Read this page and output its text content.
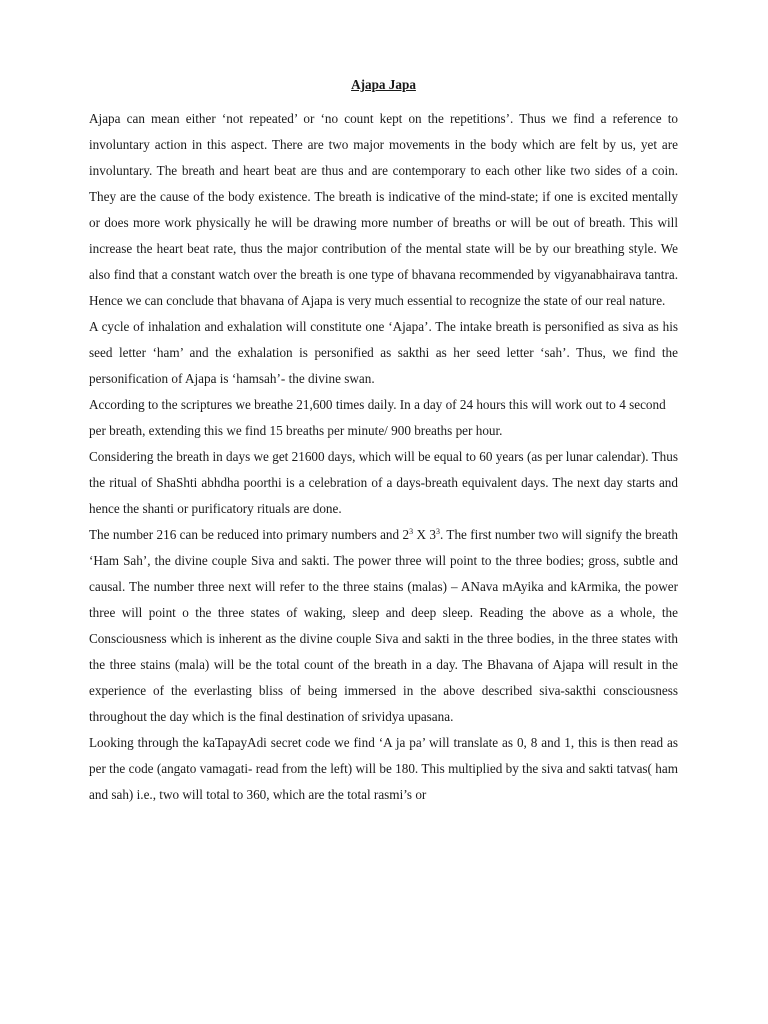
Ajapa Japa

Ajapa can mean either ‘not repeated’ or ‘no count kept on the repetitions’. Thus we find a reference to involuntary action in this aspect. There are two major movements in the body which are felt by us, yet are involuntary. The breath and heart beat are thus and are contemporary to each other like two sides of a coin. They are the cause of the body existence. The breath is indicative of the mind-state; if one is excited mentally or does more work physically he will be drawing more number of breaths or will be out of breath. This will increase the heart beat rate, thus the major contribution of the mental state will be by our breathing style. We also find that a constant watch over the breath is one type of bhavana recommended by vigyanabhairava tantra. Hence we can conclude that bhavana of Ajapa is very much essential to recognize the state of our real nature.

A cycle of inhalation and exhalation will constitute one ‘Ajapa’. The intake breath is personified as siva as his seed letter ‘ham’ and the exhalation is personified as sakthi as her seed letter ‘sah’. Thus, we find the personification of Ajapa is ‘hamsah’- the divine swan.

According to the scriptures we breathe 21,600 times daily. In a day of 24 hours this will work out to 4 second per breath, extending this we find 15 breaths per minute/ 900 breaths per hour.

Considering the breath in days we get 21600 days, which will be equal to 60 years (as per lunar calendar). Thus the ritual of ShaShti abhdha poorthi is a celebration of a days-breath equivalent days. The next day starts and hence the shanti or purificatory rituals are done.

The number 216 can be reduced into primary numbers and $2^3$ X $3^3$. The first number two will signify the breath ‘Ham Sah’, the divine couple Siva and sakti. The power three will point to the three bodies; gross, subtle and causal. The number three next will refer to the three stains (malas) – ANava mAyika and kArmika, the power three will point o the three states of waking, sleep and deep sleep. Reading the above as a whole, the Consciousness which is inherent as the divine couple Siva and sakti in the three bodies, in the three states with the three stains (mala) will be the total count of the breath in a day. The Bhavana of Ajapa will result in the experience of the everlasting bliss of being immersed in the above described siva-sakthi consciousness throughout the day which is the final destination of srividya upasana.

Looking through the kaTapayAdi secret code we find ‘A ja pa’ will translate as 0, 8 and 1, this is then read as per the code (angato vamagati- read from the left) will be 180. This multiplied by the siva and sakti tatvas( ham and sah) i.e., two will total to 360, which are the total rasmi’s or
